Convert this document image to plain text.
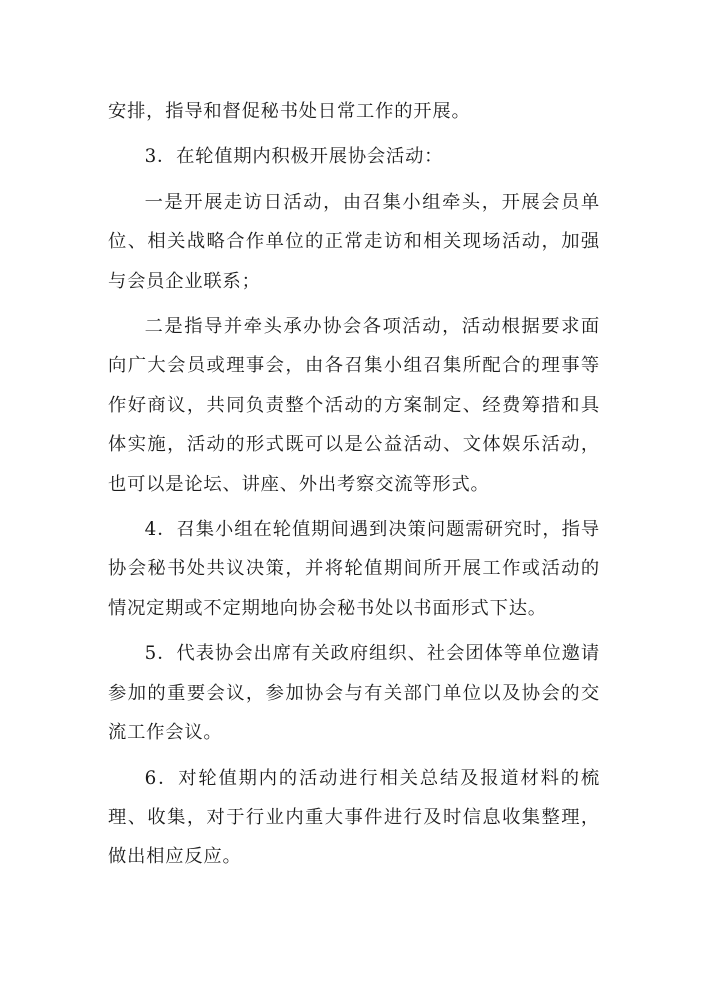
安排，指导和督促秘书处日常工作的开展。

3．在轮值期内积极开展协会活动：

一是开展走访日活动，由召集小组牵头，开展会员单位、相关战略合作单位的正常走访和相关现场活动，加强与会员企业联系；

二是指导并牵头承办协会各项活动，活动根据要求面向广大会员或理事会，由各召集小组召集所配合的理事等作好商议，共同负责整个活动的方案制定、经费筹措和具体实施，活动的形式既可以是公益活动、文体娱乐活动，也可以是论坛、讲座、外出考察交流等形式。

4．召集小组在轮值期间遇到决策问题需研究时，指导协会秘书处共议决策，并将轮值期间所开展工作或活动的情况定期或不定期地向协会秘书处以书面形式下达。

5．代表协会出席有关政府组织、社会团体等单位邀请参加的重要会议，参加协会与有关部门单位以及协会的交流工作会议。

6．对轮值期内的活动进行相关总结及报道材料的梳理、收集，对于行业内重大事件进行及时信息收集整理，做出相应反应。
